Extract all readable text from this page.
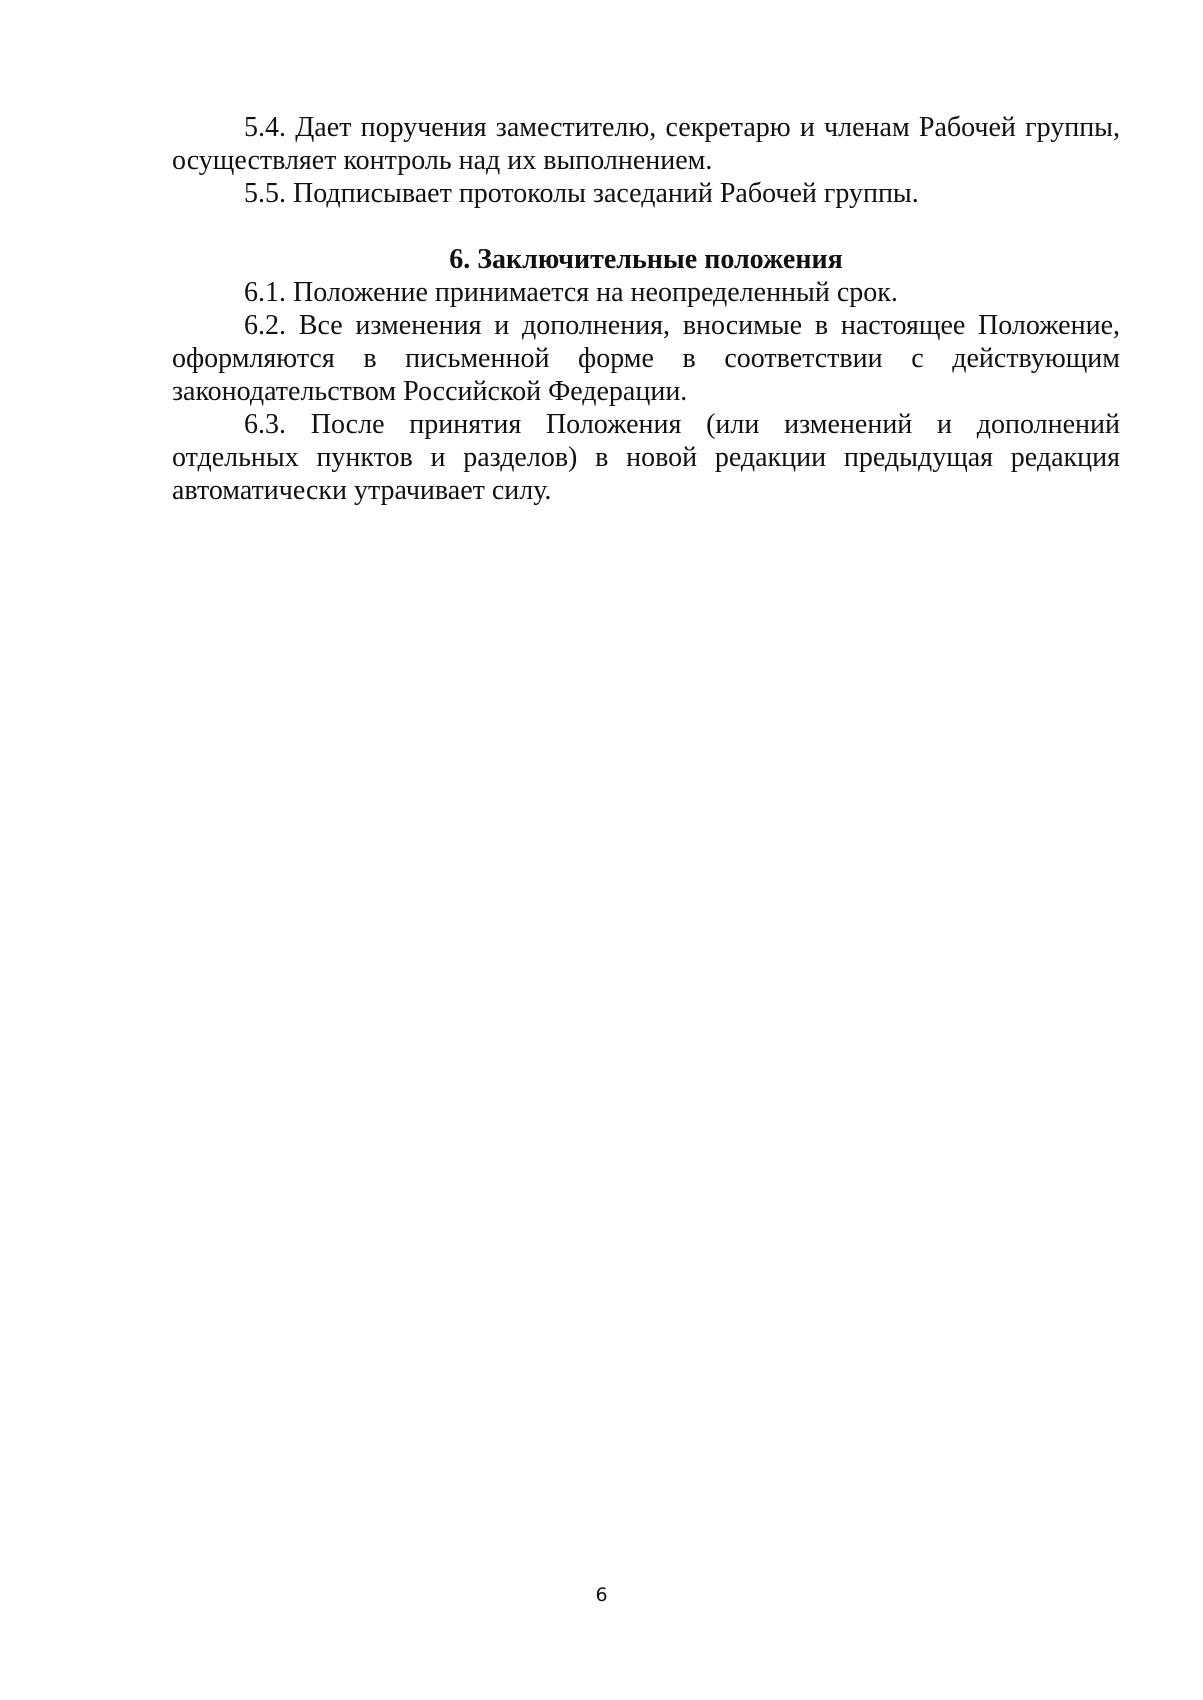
5.4. Дает поручения заместителю, секретарю и членам Рабочей группы, осуществляет контроль над их выполнением.

5.5. Подписывает протоколы заседаний Рабочей группы.

6. Заключительные положения

6.1. Положение принимается на неопределенный срок.

6.2. Все изменения и дополнения, вносимые в настоящее Положение, оформляются в письменной форме в соответствии с действующим законодательством Российской Федерации.

6.3. После принятия Положения (или изменений и дополнений отдельных пунктов и разделов) в новой редакции предыдущая редакция автоматически утрачивает силу.

6
